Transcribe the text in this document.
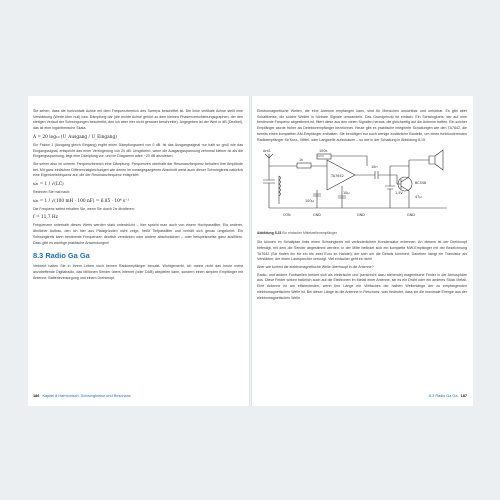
Sie sehen, dass die horizontale Achse mit dem Frequenzbereich des Sweeps beschriftet ist. Die linke vertikale Achse stellt eine Verstärkung (Werte über null) bzw. Dämpfung dar (die rechte Achse gehört zu dem kleinen Phasenverschiebungsgraphen, der den stetigen Verlauf der Schwingungen beschreibt, den ich aber hier nicht genauer beschreibe). Angegeben ist der Wert in dB (Dezibel), das ist eine logarithmische Skala.

A = 20 log₁₀ (U_Ausgang / U_Eingang)

Ein Faktor 1 (Ausgang gleich Eingang) ergibt einen Dämpfungswert von 0 dB. Ist das Ausgangssignal nur halb so groß wie das Eingangssignal, entspricht das einer Verringerung von 20 dB. Umgekehrt, wenn die Ausgangsspannung zehnmal kleiner ist als die Eingangsspannung, liegt eine Dämpfung vor, und im Diagramm wäre −20 dB abzulesen.

Sie sehen also im unteren Frequenzbereich eine Dämpfung. Frequenzen oberhalb der Resonanzfrequenz behalten ihre Amplitude bei. Mit ganz einfachen Differenzialgleichungen wie denen im vorangegangenen Abschnitt weist auch dieser Schwingkreis natürlich eine Eigenkreisfrequenz auf, die der Resonanzfrequenz entspricht:

ω₀ = 1 / √(LC)

Rechnen Sie mal nach:

ω₀ = 1 / √(100 mH · 100 nF) = 6,85 · 10⁴ s⁻¹

Die Frequenz selbst erhalten Sie, wenn Sie durch 2π dividieren:

f = 11,7 Hz

Frequenzen unterhalb dieses Werts werden stark unterdrückt – hier spricht man auch von einem Hochpassfilter. Ein anderer, ähnlicher Aufbau, den ich hier aus Platzgründen nicht zeige, heißt Tiefpassfilter und verhält sich genau umgekehrt. Ein Schwingkreis kann bestimmte Frequenzen deutlich verstärken oder andere abschwächen – oder beispielsweise ganz ausfiltern. Dazu gibt es wichtige praktische Anwendungen!

8.3 Radio Ga Ga

Verbieht halten Sie in Ihrem Leben noch keinen Radioempfänger benutzt. Wohlgemerkt, ich meine nicht das heute meist anzutreffende Digitalradio, das Millionen Sender übers Internet (oder DAB) abspielen kann, sondern einen simplen Empfänger mit Antenne, Batterieversorgung und einem Drehknopf.

186 Kapitel 8 Harmonisch: Schwingkreise und Resonanz

Elektromagnetische Wellen, die eine Antenne empfangen kann, sind für Menschen unsichtbar und unhörbar. Es gibt aber Schaltkreise, die solche Wellen in hörbare Signale umwandeln. Das Grundprinzip ist einfach: Ein Schwingkreis, der auf eine bestimmte Frequenz abgestimmt ist, filtert diese aus den vielen Signalen heraus, die gleichzeitig auf die Antenne treffen. Ein solcher Empfänger wurde früher als Detektorempfänger bezeichnet. Heute gibt es praktische integrierte Schaltungen wie den TA7642, die bereits einen kompletten AM-Empfänger enthalten. Sie benötigen nur noch wenige zusätzliche Bauteile, um einen funktionierenden Radioempfänger für Kurz-, Mittel- oder Langwelle aufzubauen – so wie in der Schaltung in Abbildung 8.15.

Ant1
1k
100k
TA7642
100µ
1,5V
CON	GND	GND	GND
10n
10µ
47µ
BC548
Abbildung 8.15 Ein einfacher Mittelwellenempfänger

Sie können im Schaltplan links einen Schwingkreis mit veränderlichem Kondensator erkennen. An diesem ist der Drehknopf befestigt, mit dem die Sender abgestimmt werden. In der Mitte befindet sich ein komplette MW-Empfänger mit der Bezeichnung TA7642 (Sie finden ihn für ein bis zwei Euro im Handel), der sich um die Details kümmert. Daneben hängt ein Transistor als Verstärker, der einen Lautsprecher versorgt. Viel einfacher geht es nicht!

Aber wie kommt die elektromagnetische Welle überhaupt in die Antenne?

Radio- und andere Funkwellen breiten sich als elektrische und (senkrecht dazu stehende) magnetische Felder in der Atmosphäre aus. Diese Felder wirken natürlich auch auf die Elektronen im Metall einer Antenne, sei es ein Draht oder ein anderes Stück Metall. Eine Antenne ist am effizientesten, wenn ihre Länge ein Vielfaches der halben Wellenlänge der zu empfangenden elektromagnetischen Welle ist. Bei dieser Länge ist die Antenne in Resonanz, was bedeutet, dass sie die maximale Energie aus der elektromagnetischen Welle

8.3 Radio Ga Ga 187
